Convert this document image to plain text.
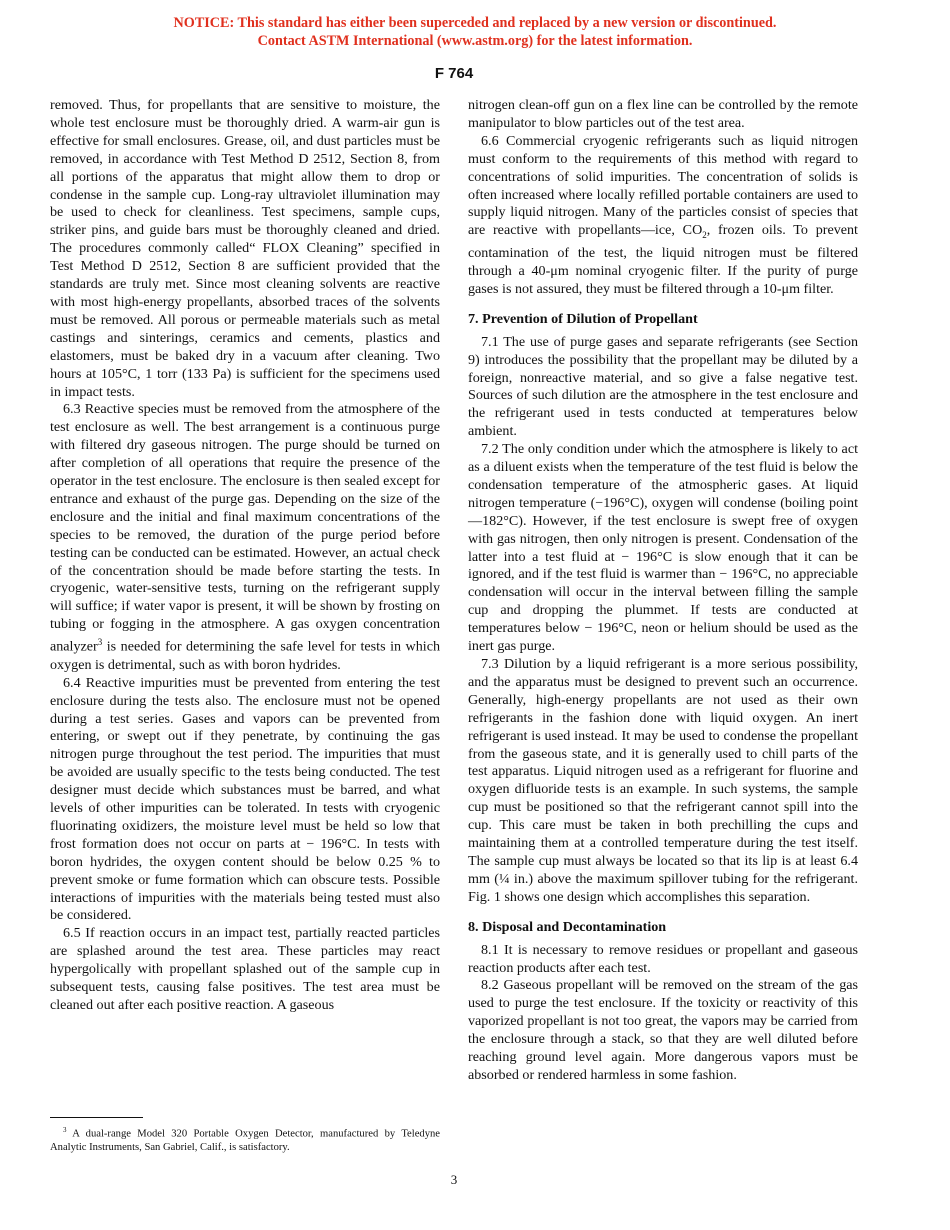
NOTICE: This standard has either been superceded and replaced by a new version or discontinued.
Contact ASTM International (www.astm.org) for the latest information.
F 764

removed. Thus, for propellants that are sensitive to moisture, the whole test enclosure must be thoroughly dried. A warm-air gun is effective for small enclosures. Grease, oil, and dust particles must be removed, in accordance with Test Method D 2512, Section 8, from all portions of the apparatus that might allow them to drop or condense in the sample cup. Long-ray ultraviolet illumination may be used to check for cleanliness. Test specimens, sample cups, striker pins, and guide bars must be thoroughly cleaned and dried. The procedures commonly called“ FLOX Cleaning” specified in Test Method D 2512, Section 8 are sufficient provided that the standards are truly met. Since most cleaning solvents are reactive with most high-energy propellants, absorbed traces of the solvents must be removed. All porous or permeable materials such as metal castings and sinterings, ceramics and cements, plastics and elastomers, must be baked dry in a vacuum after cleaning. Two hours at 105°C, 1 torr (133 Pa) is sufficient for the specimens used in impact tests.

6.3 Reactive species must be removed from the atmosphere of the test enclosure as well. The best arrangement is a continuous purge with filtered dry gaseous nitrogen. The purge should be turned on after completion of all operations that require the presence of the operator in the test enclosure. The enclosure is then sealed except for entrance and exhaust of the purge gas. Depending on the size of the enclosure and the initial and final maximum concentrations of the species to be removed, the duration of the purge period before testing can be conducted can be estimated. However, an actual check of the concentration should be made before starting the tests. In cryogenic, water-sensitive tests, turning on the refrigerant supply will suffice; if water vapor is present, it will be shown by frosting on tubing or fogging in the atmosphere. A gas oxygen concentration analyzer$^3$ is needed for determining the safe level for tests in which oxygen is detrimental, such as with boron hydrides.

6.4 Reactive impurities must be prevented from entering the test enclosure during the tests also. The enclosure must not be opened during a test series. Gases and vapors can be prevented from entering, or swept out if they penetrate, by continuing the gas nitrogen purge throughout the test period. The impurities that must be avoided are usually specific to the tests being conducted. The test designer must decide which substances must be barred, and what levels of other impurities can be tolerated. In tests with cryogenic fluorinating oxidizers, the moisture level must be held so low that frost formation does not occur on parts at − 196°C. In tests with boron hydrides, the oxygen content should be below 0.25 % to prevent smoke or fume formation which can obscure tests. Possible interactions of impurities with the materials being tested must also be considered.

6.5 If reaction occurs in an impact test, partially reacted particles are splashed around the test area. These particles may react hypergolically with propellant splashed out of the sample cup in subsequent tests, causing false positives. The test area must be cleaned out after each positive reaction. A gaseous

$^3$ A dual-range Model 320 Portable Oxygen Detector, manufactured by Teledyne Analytic Instruments, San Gabriel, Calif., is satisfactory.

nitrogen clean-off gun on a flex line can be controlled by the remote manipulator to blow particles out of the test area.

6.6 Commercial cryogenic refrigerants such as liquid nitrogen must conform to the requirements of this method with regard to concentrations of solid impurities. The concentration of solids is often increased where locally refilled portable containers are used to supply liquid nitrogen. Many of the particles consist of species that are reactive with propellants—ice, $CO_2$, frozen oils. To prevent contamination of the test, the liquid nitrogen must be filtered through a 40-μm nominal cryogenic filter. If the purity of purge gases is not assured, they must be filtered through a 10-μm filter.

7. Prevention of Dilution of Propellant

7.1 The use of purge gases and separate refrigerants (see Section 9) introduces the possibility that the propellant may be diluted by a foreign, nonreactive material, and so give a false negative test. Sources of such dilution are the atmosphere in the test enclosure and the refrigerant used in tests conducted at temperatures below ambient.

7.2 The only condition under which the atmosphere is likely to act as a diluent exists when the temperature of the test fluid is below the condensation temperature of the atmospheric gases. At liquid nitrogen temperature (−196°C), oxygen will condense (boiling point—182°C). However, if the test enclosure is swept free of oxygen with gas nitrogen, then only nitrogen is present. Condensation of the latter into a test fluid at − 196°C is slow enough that it can be ignored, and if the test fluid is warmer than − 196°C, no appreciable condensation will occur in the interval between filling the sample cup and dropping the plummet. If tests are conducted at temperatures below − 196°C, neon or helium should be used as the inert gas purge.

7.3 Dilution by a liquid refrigerant is a more serious possibility, and the apparatus must be designed to prevent such an occurrence. Generally, high-energy propellants are not used as their own refrigerants in the fashion done with liquid oxygen. An inert refrigerant is used instead. It may be used to condense the propellant from the gaseous state, and it is generally used to chill parts of the test apparatus. Liquid nitrogen used as a refrigerant for fluorine and oxygen difluoride tests is an example. In such systems, the sample cup must be positioned so that the refrigerant cannot spill into the cup. This care must be taken in both prechilling the cups and maintaining them at a controlled temperature during the test itself. The sample cup must always be located so that its lip is at least 6.4 mm (¼ in.) above the maximum spillover tubing for the refrigerant. Fig. 1 shows one design which accomplishes this separation.

8. Disposal and Decontamination

8.1 It is necessary to remove residues or propellant and gaseous reaction products after each test.

8.2 Gaseous propellant will be removed on the stream of the gas used to purge the test enclosure. If the toxicity or reactivity of this vaporized propellant is not too great, the vapors may be carried from the enclosure through a stack, so that they are well diluted before reaching ground level again. More dangerous vapors must be absorbed or rendered harmless in some fashion.

3
